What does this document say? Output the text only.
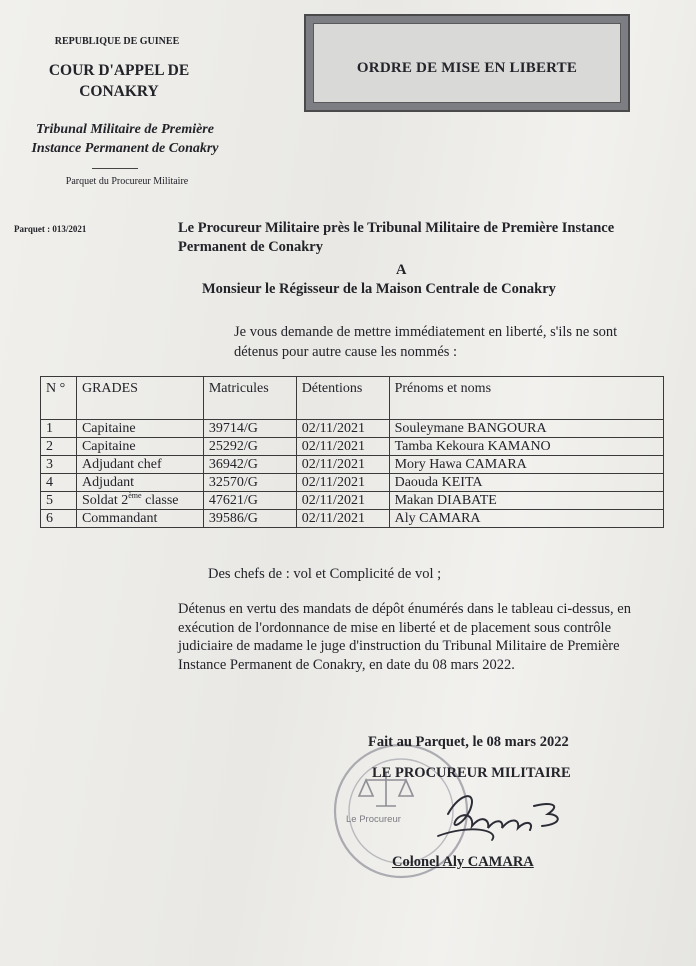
REPUBLIQUE DE GUINEE
COUR D'APPEL DE CONAKRY
Tribunal Militaire de Première Instance Permanent de Conakry
Parquet du Procureur Militaire
ORDRE DE MISE EN LIBERTE
Parquet : 013/2021	Le Procureur Militaire près le Tribunal Militaire de Première Instance Permanent de Conakry
A
Monsieur le Régisseur de la Maison Centrale de Conakry
Je vous demande de mettre immédiatement en liberté, s'ils ne sont détenus pour autre cause les nommés :
N °	GRADES	Matricules	Détentions	Prénoms et noms
1	Capitaine	39714/G	02/11/2021	Souleymane BANGOURA
2	Capitaine	25292/G	02/11/2021	Tamba Kekoura KAMANO
3	Adjudant chef	36942/G	02/11/2021	Mory Hawa CAMARA
4	Adjudant	32570/G	02/11/2021	Daouda KEITA
5	Soldat 2ème classe	47621/G	02/11/2021	Makan DIABATE
6	Commandant	39586/G	02/11/2021	Aly CAMARA
Des chefs de : vol et Complicité de vol ;
Détenus en vertu des mandats de dépôt énumérés dans le tableau ci-dessus, en exécution de l'ordonnance de mise en liberté et de placement sous contrôle judiciaire de madame le juge d'instruction du Tribunal Militaire de Première Instance Permanent de Conakry, en date du 08 mars 2022.
Le Procureur
Fait au Parquet, le 08 mars 2022
LE PROCUREUR MILITAIRE
Colonel Aly CAMARA
